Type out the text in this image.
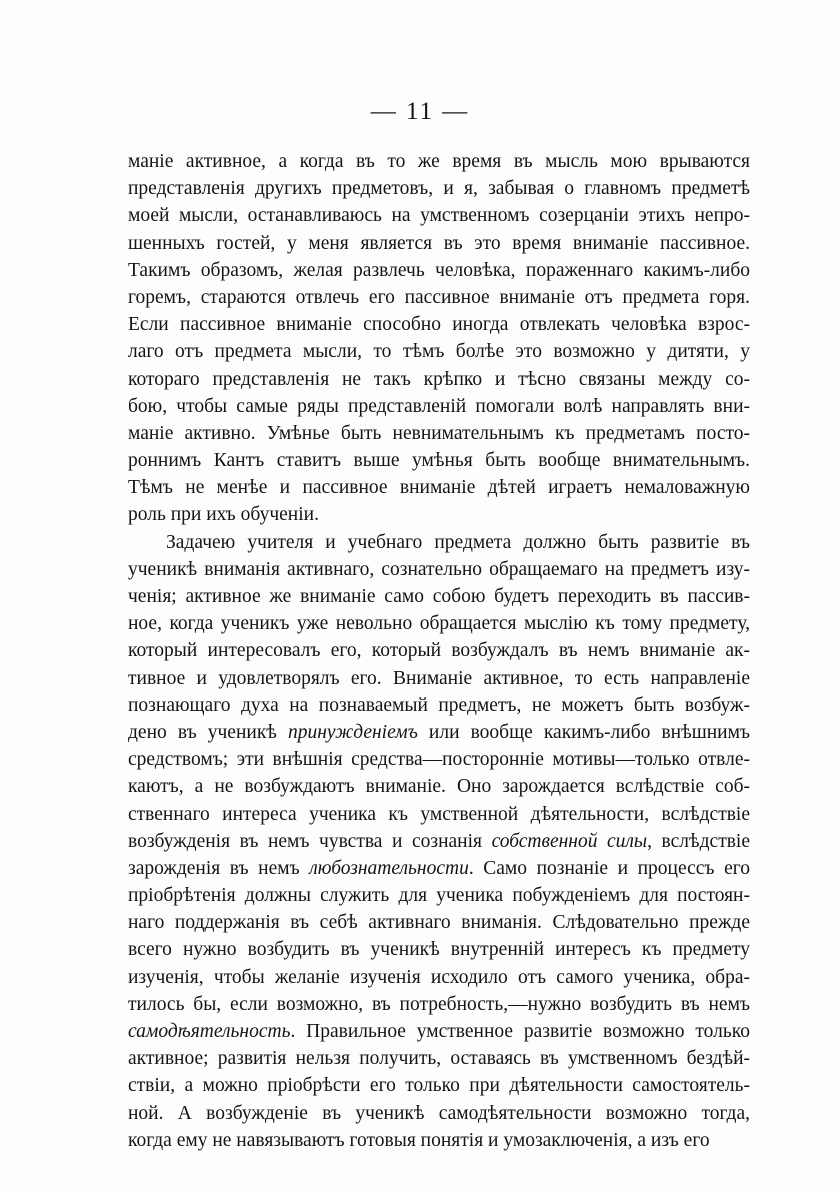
— 11 —
маніе активное, а когда въ то же время въ мысль мою врываются
представленія другихъ предметовъ, и я, забывая о главномъ предметѣ
моей мысли, останавливаюсь на умственномъ созерцаніи этихъ непро-
шенныхъ гостей, у меня является въ это время вниманіе пассивное.
Такимъ образомъ, желая развлечь человѣка, пораженнаго какимъ-либо
горемъ, стараются отвлечь его пассивное вниманіе отъ предмета горя.
Если пассивное вниманіе способно иногда отвлекать человѣка взрос-
лаго отъ предмета мысли, то тѣмъ болѣе это возможно у дитяти, у
котораго представленія не такъ крѣпко и тѣсно связаны между со-
бою, чтобы самые ряды представленій помогали волѣ направлять вни-
маніе активно. Умѣнье быть невнимательнымъ къ предметамъ посто-
роннимъ Кантъ ставитъ выше умѣнья быть вообще внимательнымъ.
Тѣмъ не менѣе и пассивное вниманіе дѣтей играетъ немаловажную
роль при ихъ обученіи.
Задачею учителя и учебнаго предмета должно быть развитіе въ
ученикѣ вниманія активнаго, сознательно обращаемаго на предметъ изу-
ченія; активное же вниманіе само собою будетъ переходить въ пассив-
ное, когда ученикъ уже невольно обращается мыслію къ тому предмету,
который интересовалъ его, который возбуждалъ въ немъ вниманіе ак-
тивное и удовлетворялъ его. Вниманіе активное, то есть направленіе
познающаго духа на познаваемый предметъ, не можетъ быть возбуж-
дено въ ученикѣ принужденіемъ или вообще какимъ-либо внѣшнимъ
средствомъ; эти внѣшнія средства—посторонніе мотивы—только отвле-
каютъ, а не возбуждаютъ вниманіе. Оно зарождается вслѣдствіе соб-
ственнаго интереса ученика къ умственной дѣятельности, вслѣдствіе
возбужденія въ немъ чувства и сознанія собственной силы, вслѣдствіе
зарожденія въ немъ любознательности. Само познаніе и процессъ его
пріобрѣтенія должны служить для ученика побужденіемъ для постоян-
наго поддержанія въ себѣ активнаго вниманія. Слѣдовательно прежде
всего нужно возбудить въ ученикѣ внутренній интересъ къ предмету
изученія, чтобы желаніе изученія исходило отъ самого ученика, обра-
тилось бы, если возможно, въ потребность,—нужно возбудить въ немъ
самодѣятельность. Правильное умственное развитіе возможно только
активное; развитія нельзя получить, оставаясь въ умственномъ бездѣй-
ствіи, а можно пріобрѣсти его только при дѣятельности самостоятель-
ной. А возбужденіе въ ученикѣ самодѣятельности возможно тогда,
когда ему не навязываютъ готовыя понятія и умозаключенія, а изъ его
